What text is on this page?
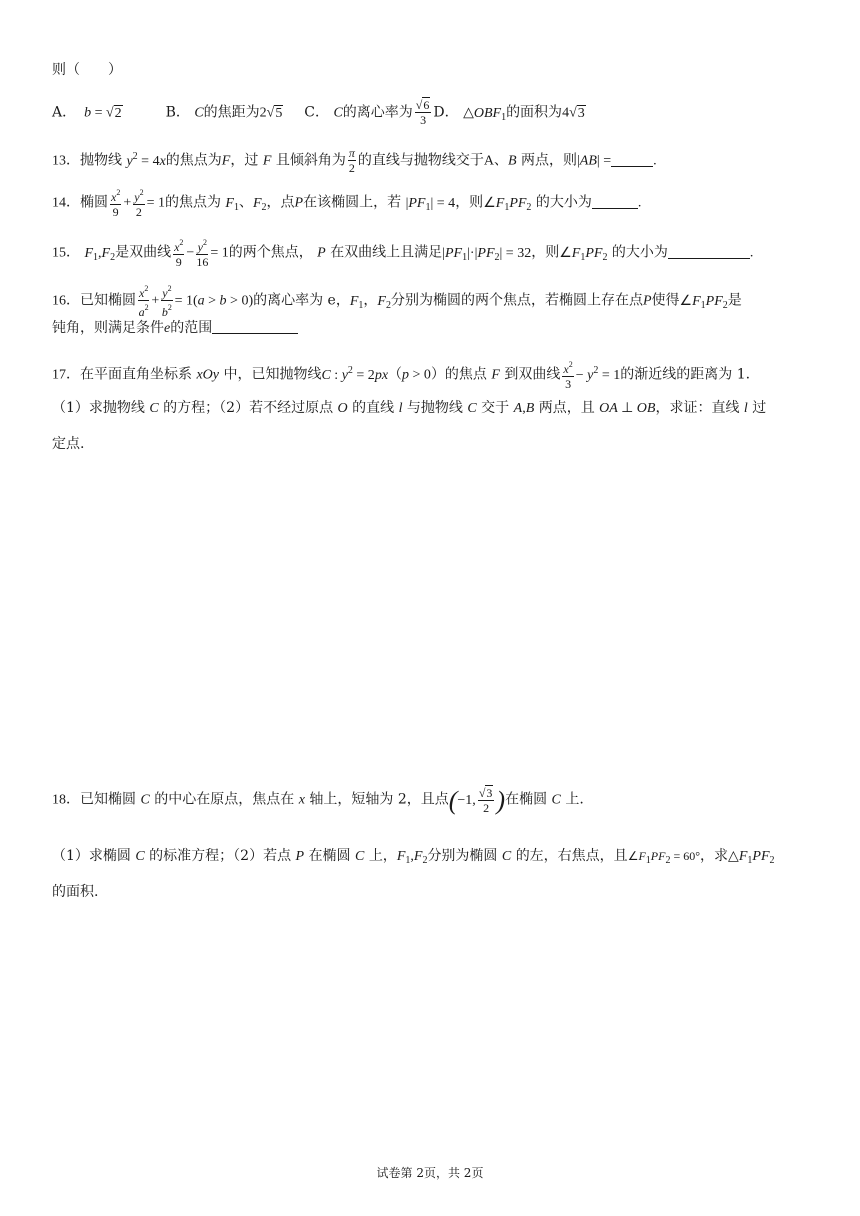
则（　　）
A．  b = √2	B． C的焦距为2√5 C． C的离心率为 $\frac{√6}{3}$ D． $\triangle OBF_1$的面积为4√3
13．抛物线 $y^2 = 4x$的焦点为F，过 F 且倾斜角为 $\frac{\pi}{2}$ 的直线与抛物线交于A、B 两点，则|AB| =	.
14．椭圆 $\frac{x^2}{9} + \frac{y^2}{2} = 1$的焦点为 $F_1$、$F_2$，点P在该椭圆上，若 $|PF_1| = 4$，则$\angle F_1PF_2$ 的大小为	.
15． $F_1,F_2$是双曲线 $\frac{x^2}{9} - \frac{y^2}{16} = 1$的两个焦点， P 在双曲线上且满足$|PF_1|\cdot|PF_2| = 32$，则$\angle F_1PF_2$ 的大小为	.
16．已知椭圆 $\frac{x^2}{a^2} + \frac{y^2}{b^2} = 1(a > b > 0)$的离心率为 e，$F_1$，$F_2$分别为椭圆的两个焦点，若椭圆上存在点P使得$\angle F_1PF_2$是
钝角，则满足条件e的范围
17．在平面直角坐标系 xOy 中，已知抛物线C : $y^2 = 2px(p > 0)$的焦点 F 到双曲线 $\frac{x^2}{3} - y^2 = 1$的渐近线的距离为 1.
（1）求抛物线 C 的方程；（2）若不经过原点 O 的直线 l 与抛物线 C 交于 A,B 两点，且 OA ⊥ OB，求证：直线 l 过
定点.
18．已知椭圆 C 的中心在原点，焦点在 x 轴上，短轴为 2，且点(−1, $\frac{√3}{2}$ )在椭圆 C 上.
（1）求椭圆 C 的标准方程；（2）若点 P 在椭圆 C 上，$F_1,F_2$分别为椭圆 C 的左，右焦点，且$\angle F_1PF_2 = 60^\circ$，求$\triangle F_1PF_2$
的面积.
试卷第 2页，共 2页
